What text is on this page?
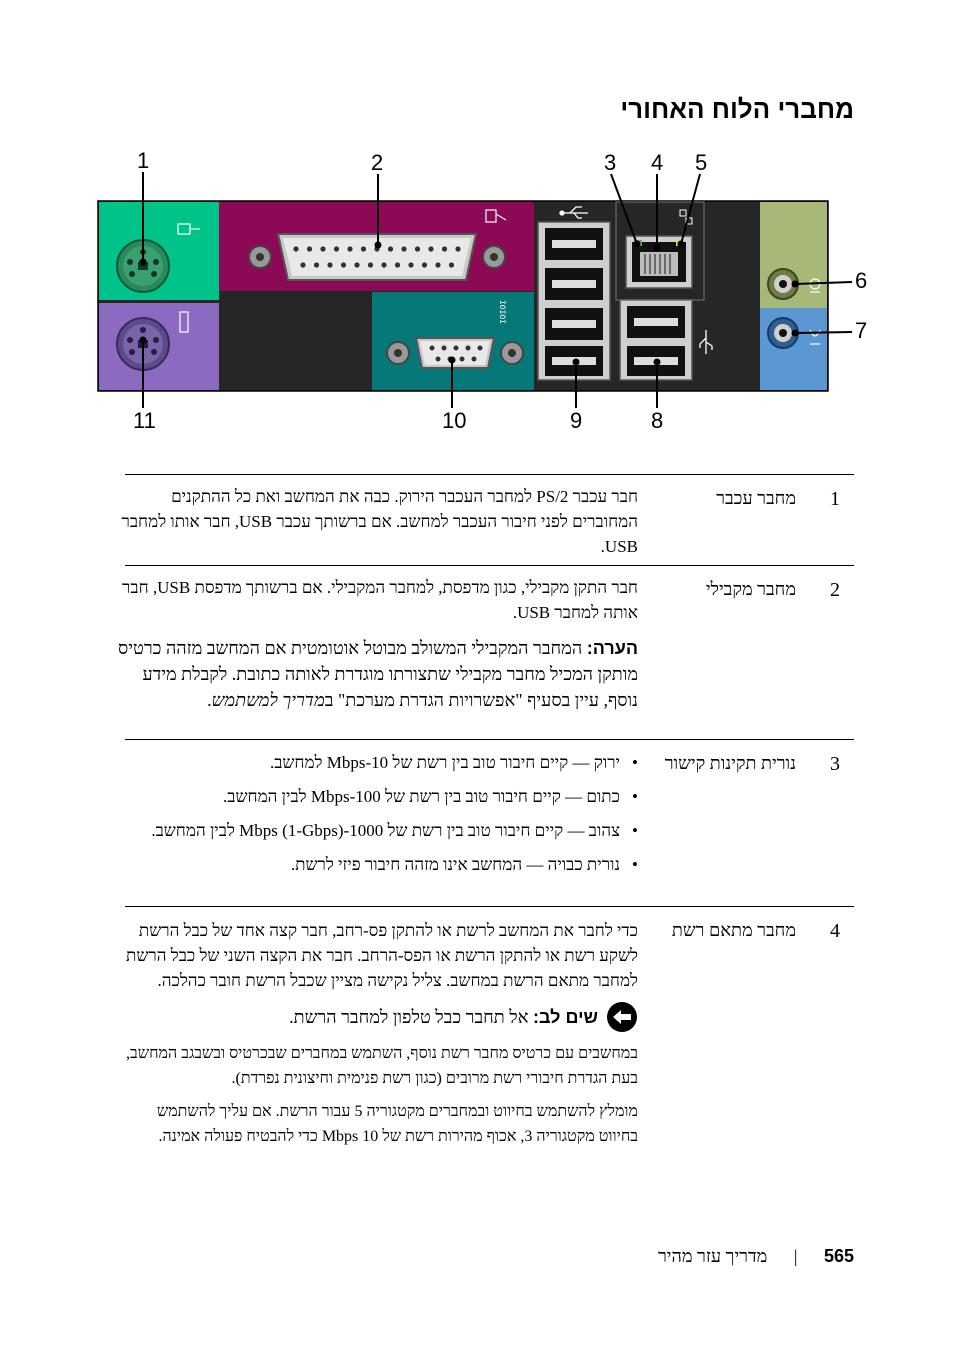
מחברי הלוח האחורי
IOIOI
1	2	3 4 5
6
7
8
9
10
11
1
מחבר עכבר

חבר עכבר PS/2 למחבר העכבר הירוק. כבה את המחשב ואת כל ההתקנים המחוברים לפני חיבור העכבר למחשב. אם ברשותך עכבר USB, חבר אותו למחבר USB.

2
מחבר מקבילי

חבר התקן מקבילי, כגון מדפסת, למחבר המקבילי. אם ברשותך מדפסת USB, חבר אותה למחבר USB.

הערה: המחבר המקבילי המשולב מבוטל אוטומטית אם המחשב מזהה כרטיס מותקן המכיל מחבר מקבילי שתצורתו מוגדרת לאותה כתובת. לקבלת מידע נוסף, עיין בסעיף "אפשרויות הגדרת מערכת" במדריך למשתמש.

3
נורית תקינות קישור
• ירוק — קיים חיבור טוב בין רשת של 10-Mbps למחשב.
• כתום — קיים חיבור טוב בין רשת של 100-Mbps לבין המחשב.
• צהוב — קיים חיבור טוב בין רשת של 1000-Mbps (1-Gbps) לבין המחשב.
• נורית כבויה — המחשב אינו מזהה חיבור פיזי לרשת.
4
מחבר מתאם רשת

כדי לחבר את המחשב לרשת או להתקן פס-רחב, חבר קצה אחד של כבל הרשת לשקע רשת או להתקן הרשת או הפס-הרחב. חבר את הקצה השני של כבל הרשת למחבר מתאם הרשת במחשב. צליל נקישה מציין שכבל הרשת חובר כהלכה.

שים לב: אל תחבר כבל טלפון למחבר הרשת.

במחשבים עם כרטיס מחבר רשת נוסף, השתמש במחברים שבכרטיס ובשבגב המחשב, בעת הגדרת חיבורי רשת מרובים (כגון רשת פנימית וחיצונית נפרדת).

מומלץ להשתמש בחיווט ובמחברים מקטגוריה 5 עבור הרשת. אם עליך להשתמש בחיווט מקטגוריה 3, אכוף מהירות רשת של 10 Mbps כדי להבטיח פעולה אמינה.

565 | מדריך עזר מהיר
